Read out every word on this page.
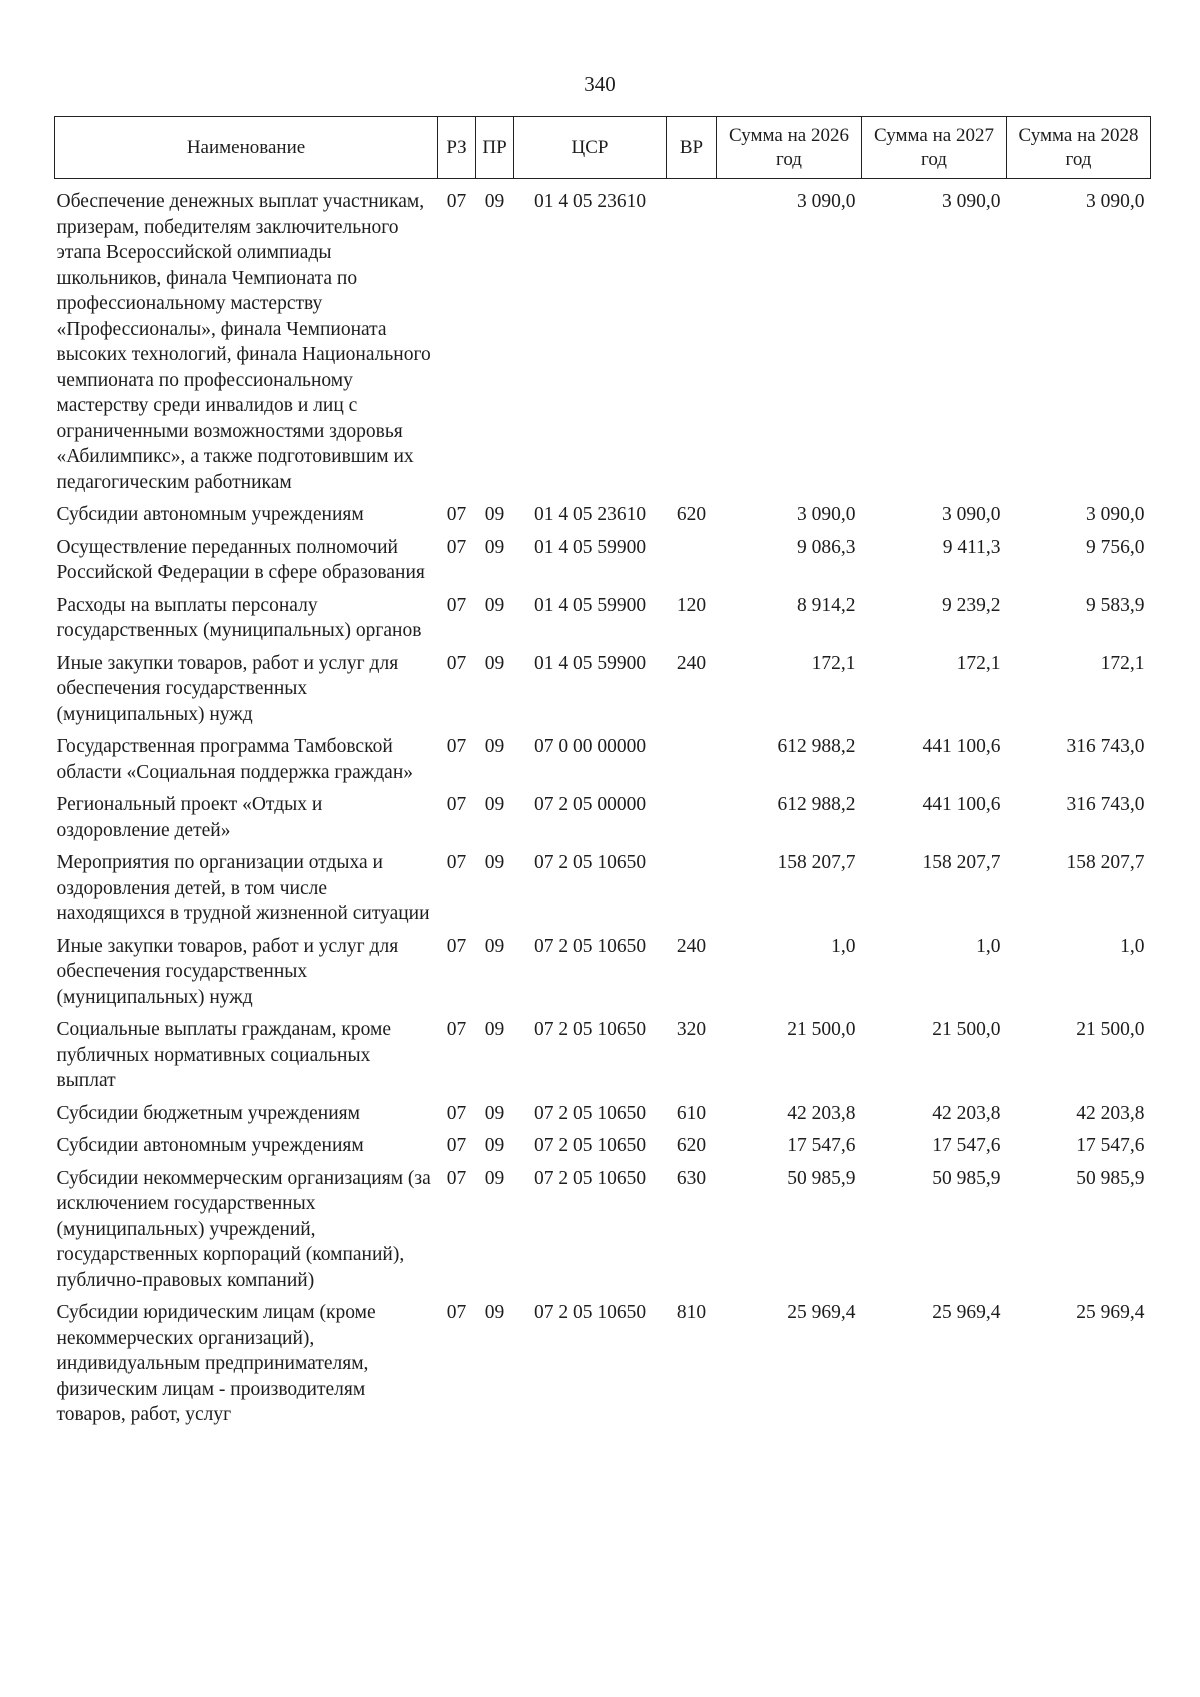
340
Наименование	РЗ	ПР	ЦСР	ВР	Сумма на 2026 год	Сумма на 2027 год	Сумма на 2028 год
Обеспечение денежных выплат участникам, призерам, победителям заключительного этапа Всероссийской олимпиады школьников, финала Чемпионата по профессиональному мастерству «Профессионалы», финала Чемпионата высоких технологий, финала Национального чемпионата по профессиональному мастерству среди инвалидов и лиц с ограниченными возможностями здоровья «Абилимпикс», а также подготовившим их педагогическим работникам	07	09	01 4 05 23610		3 090,0	3 090,0	3 090,0
Субсидии автономным учреждениям	07	09	01 4 05 23610	620	3 090,0	3 090,0	3 090,0
Осуществление переданных полномочий Российской Федерации в сфере образования	07	09	01 4 05 59900		9 086,3	9 411,3	9 756,0
Расходы на выплаты персоналу государственных (муниципальных) органов	07	09	01 4 05 59900	120	8 914,2	9 239,2	9 583,9
Иные закупки товаров, работ и услуг для обеспечения государственных (муниципальных) нужд	07	09	01 4 05 59900	240	172,1	172,1	172,1
Государственная программа Тамбовской области «Социальная поддержка граждан»	07	09	07 0 00 00000		612 988,2	441 100,6	316 743,0
Региональный проект «Отдых и оздоровление детей»	07	09	07 2 05 00000		612 988,2	441 100,6	316 743,0
Мероприятия по организации отдыха и оздоровления детей, в том числе находящихся в трудной жизненной ситуации	07	09	07 2 05 10650		158 207,7	158 207,7	158 207,7
Иные закупки товаров, работ и услуг для обеспечения государственных (муниципальных) нужд	07	09	07 2 05 10650	240	1,0	1,0	1,0
Социальные выплаты гражданам, кроме публичных нормативных социальных выплат	07	09	07 2 05 10650	320	21 500,0	21 500,0	21 500,0
Субсидии бюджетным учреждениям	07	09	07 2 05 10650	610	42 203,8	42 203,8	42 203,8
Субсидии автономным учреждениям	07	09	07 2 05 10650	620	17 547,6	17 547,6	17 547,6
Субсидии некоммерческим организациям (за исключением государственных (муниципальных) учреждений, государственных корпораций (компаний), публично-правовых компаний)	07	09	07 2 05 10650	630	50 985,9	50 985,9	50 985,9
Субсидии юридическим лицам (кроме некоммерческих организаций), индивидуальным предпринимателям, физическим лицам - производителям товаров, работ, услуг	07	09	07 2 05 10650	810	25 969,4	25 969,4	25 969,4
